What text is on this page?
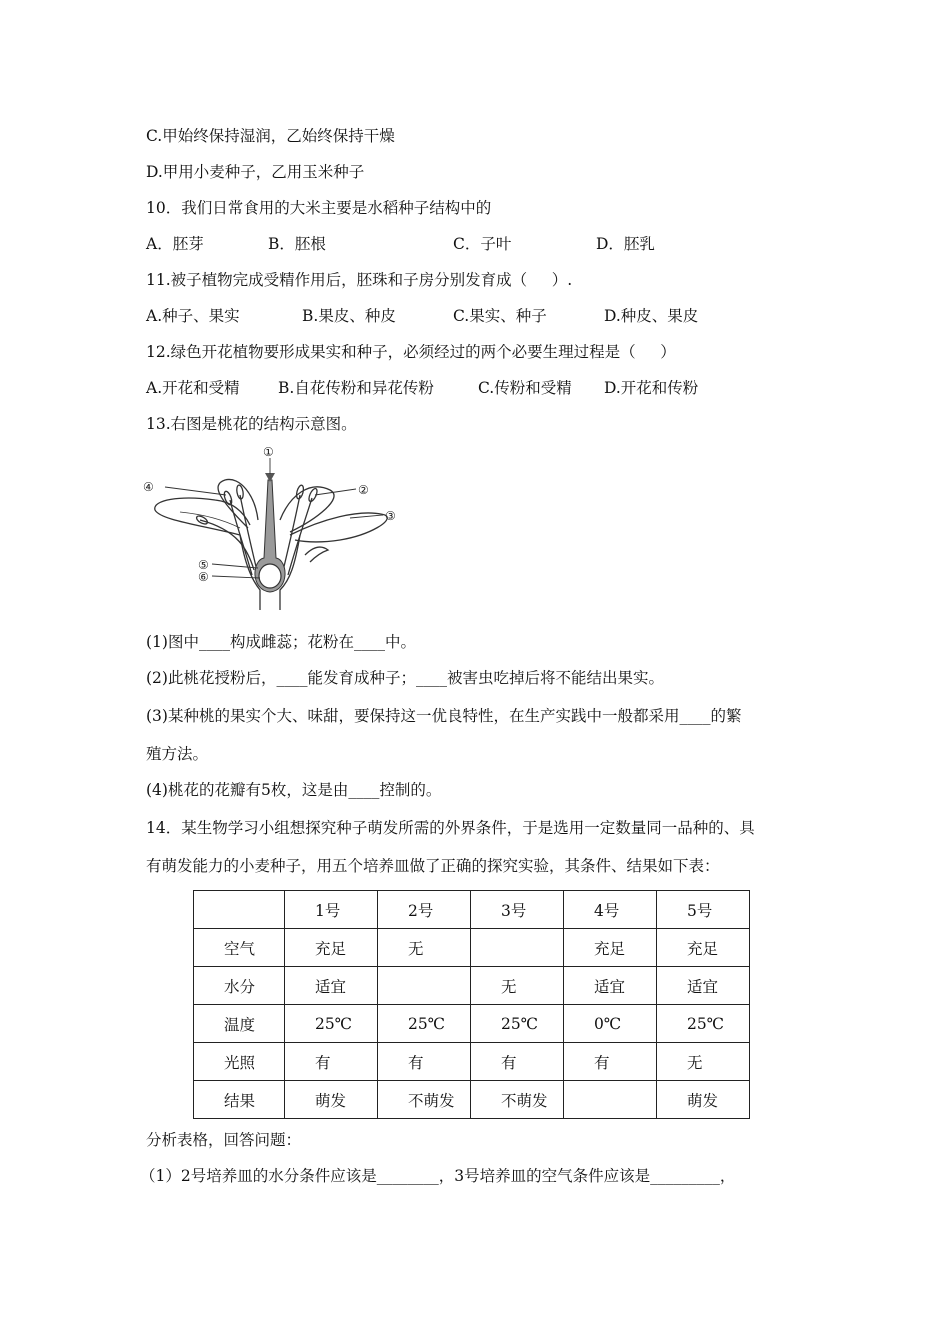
C.甲始终保持湿润，乙始终保持干燥
D.甲用小麦种子，乙用玉米种子
10．我们日常食用的大米主要是水稻种子结构中的
A．胚芽	B．胚根	C．子叶	D．胚乳
11.被子植物完成受精作用后，胚珠和子房分别发育成（     ）.
A.种子、果实	B.果皮、种皮	C.果实、种子	D.种皮、果皮
12.绿色开花植物要形成果实和种子，必须经过的两个必要生理过程是（     ）
A.开花和受精 B.自花传粉和异花传粉	C.传粉和受精 D.开花和传粉
13.右图是桃花的结构示意图。
①
②
③
④
⑤
⑥
(1)图中____构成雌蕊；花粉在____中。
(2)此桃花授粉后，____能发育成种子；____被害虫吃掉后将不能结出果实。
(3)某种桃的果实个大、味甜，要保持这一优良特性，在生产实践中一般都采用____的繁
殖方法。
(4)桃花的花瓣有5枚，这是由____控制的。
14．某生物学习小组想探究种子萌发所需的外界条件，于是选用一定数量同一品种的、具
有萌发能力的小麦种子，用五个培养皿做了正确的探究实验，其条件、结果如下表：
	1号	2号	3号	4号	5号
空气	充足	无		充足	充足
水分	适宜		无	适宜	适宜
温度	25℃	25℃	25℃	0℃	25℃
光照	有	有	有	有	无
结果	萌发	不萌发	不萌发		萌发
分析表格，回答问题：
（1）2号培养皿的水分条件应该是________，3号培养皿的空气条件应该是_________，
